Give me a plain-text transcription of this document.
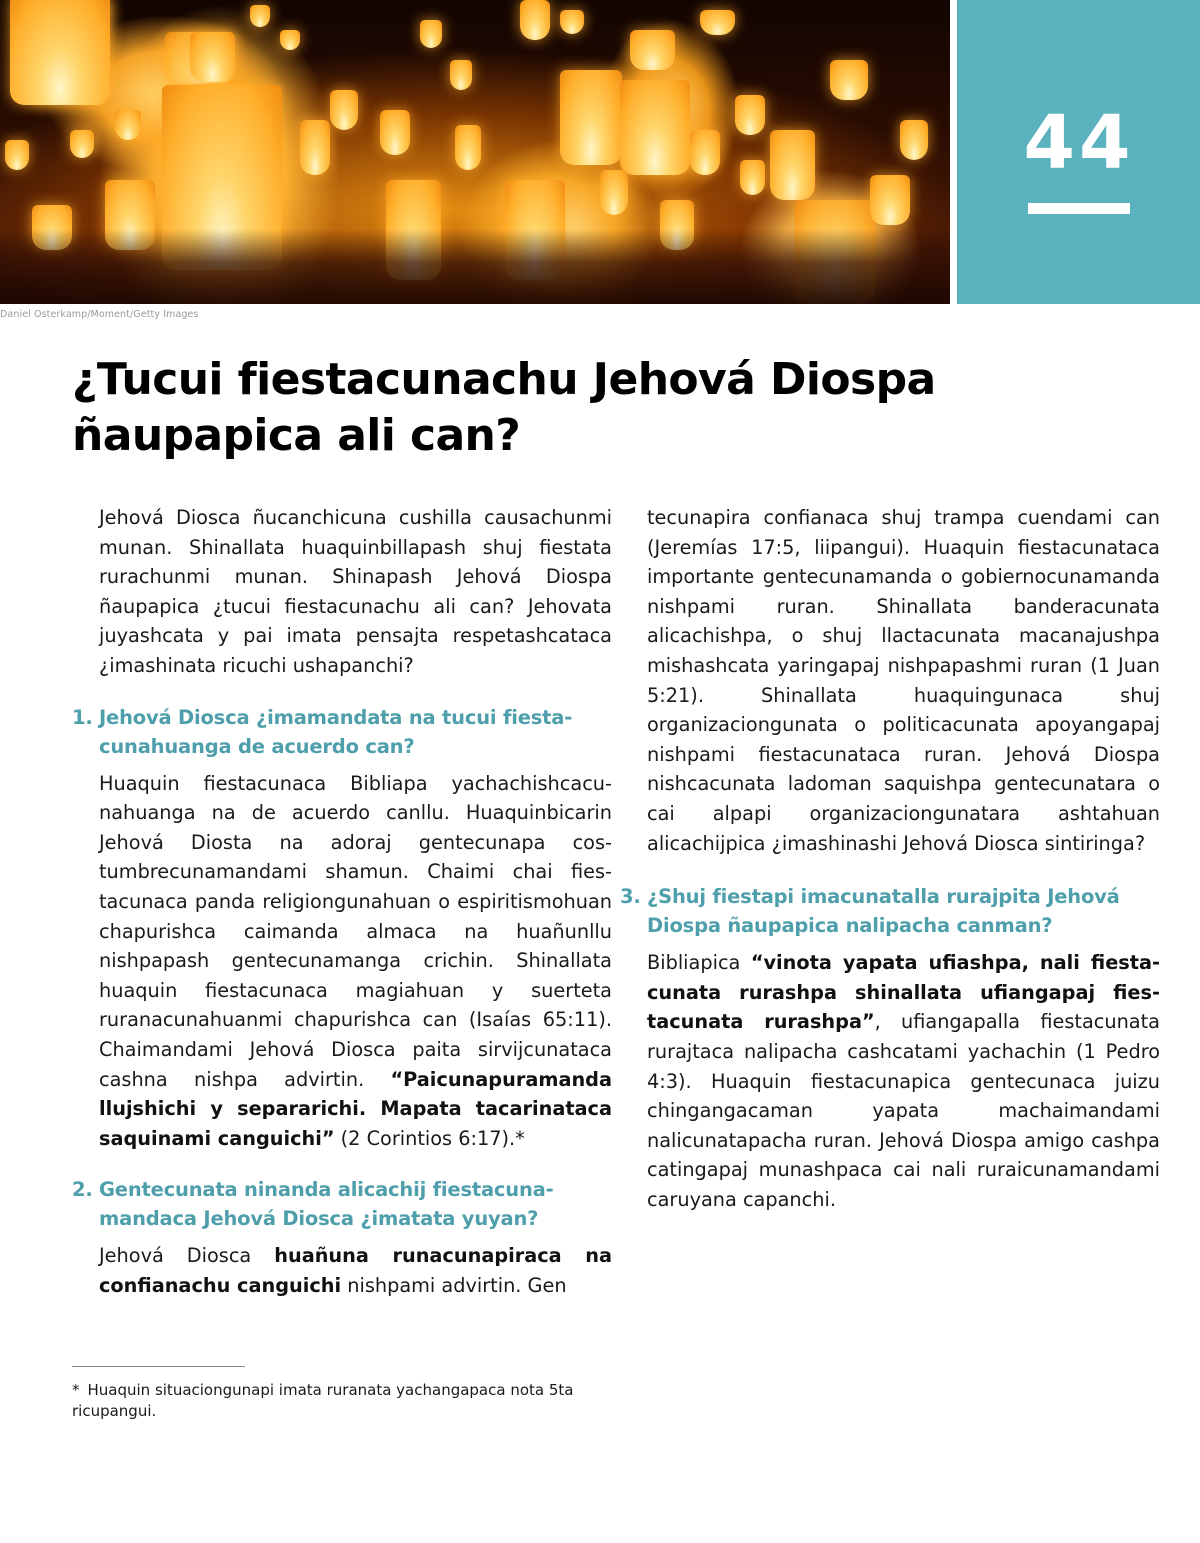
Daniel Osterkamp/Moment/Getty Images
44
¿Tucui fiestacunachu Jehová Diospa
ñaupapica ali can?

Jehová Diosca ñucanchicuna cushilla causachunmi munan. Shinallata huaquinbillapash shuj fiestata rurachunmi munan. Shinapash Jehová Diospa ñaupapica ¿tucui fiestacunachu ali can? Jehovata juyashcata y pai imata pensajta respetashcataca ¿imashinata ricuchi ushapanchi?

1. Jehová Diosca ¿imamandata na tucui fiestacunahuanga de acuerdo can?

Huaquin fiestacunaca Bibliapa yachachishcacunahuanga na de acuerdo canllu. Huaquinbicarin Jehová Diosta na adoraj gentecunapa costumbrecunamandami shamun. Chaimi chai fiestacunaca panda religiongunahuan o espiritismohuan chapurishca caimanda almaca na huañunllu nishpapash gentecunamanga crichin. Shinallata huaquin fiestacunaca magiahuan y suerteta ruranacunahuanmi chapurishca can (Isaías 65:11). Chaimandami Jehová Diosca paita sirvijcunataca cashna nishpa advirtin. “Paicunapuramanda llujshichi y separarichi. Mapata tacarinataca saquinami canguichi” (2 Corintios 6:17).*

2. Gentecunata ninanda alicachij fiestacunamandaca Jehová Diosca ¿imatata yuyan?

Jehová Diosca huañuna runacunapiraca na confianachu canguichi nishpami advirtin. Gen

* Huaquin situaciongunapi imata ruranata yachangapaca nota 5ta ricupangui.

tecunapira confianaca shuj trampa cuendami can (Jeremías 17:5, liipangui). Huaquin fiestacunataca importante gentecunamanda o gobiernocunamanda nishpami ruran. Shinallata banderacunata alicachishpa, o shuj llactacunata macanajushpa mishashcata yaringapaj nishpapashmi ruran (1 Juan 5:21). Shinallata huaquingunaca shuj organizaciongunata o politicacunata apoyangapaj nishpami fiestacunataca ruran. Jehová Diospa nishcacunata ladoman saquishpa gentecunatara o cai alpapi organizaciongunatara ashtahuan alicachijpica ¿imashinashi Jehová Diosca sintiringa?

3. ¿Shuj fiestapi imacunatalla rurajpita Jehová Diospa ñaupapica nalipacha canman?

Bibliapica “vinota yapata ufiashpa, nali fiestacunata rurashpa shinallata ufiangapaj fiestacunata rurashpa”, ufiangapalla fiestacunata rurajtaca nalipacha cashcatami yachachin (1 Pedro 4:3). Huaquin fiestacunapica gentecunaca juizu chingangacaman yapata machaimandami nalicunatapacha ruran. Jehová Diospa amigo cashpa catingapaj munashpaca cai nali ruraicunamandami caruyana capanchi.
